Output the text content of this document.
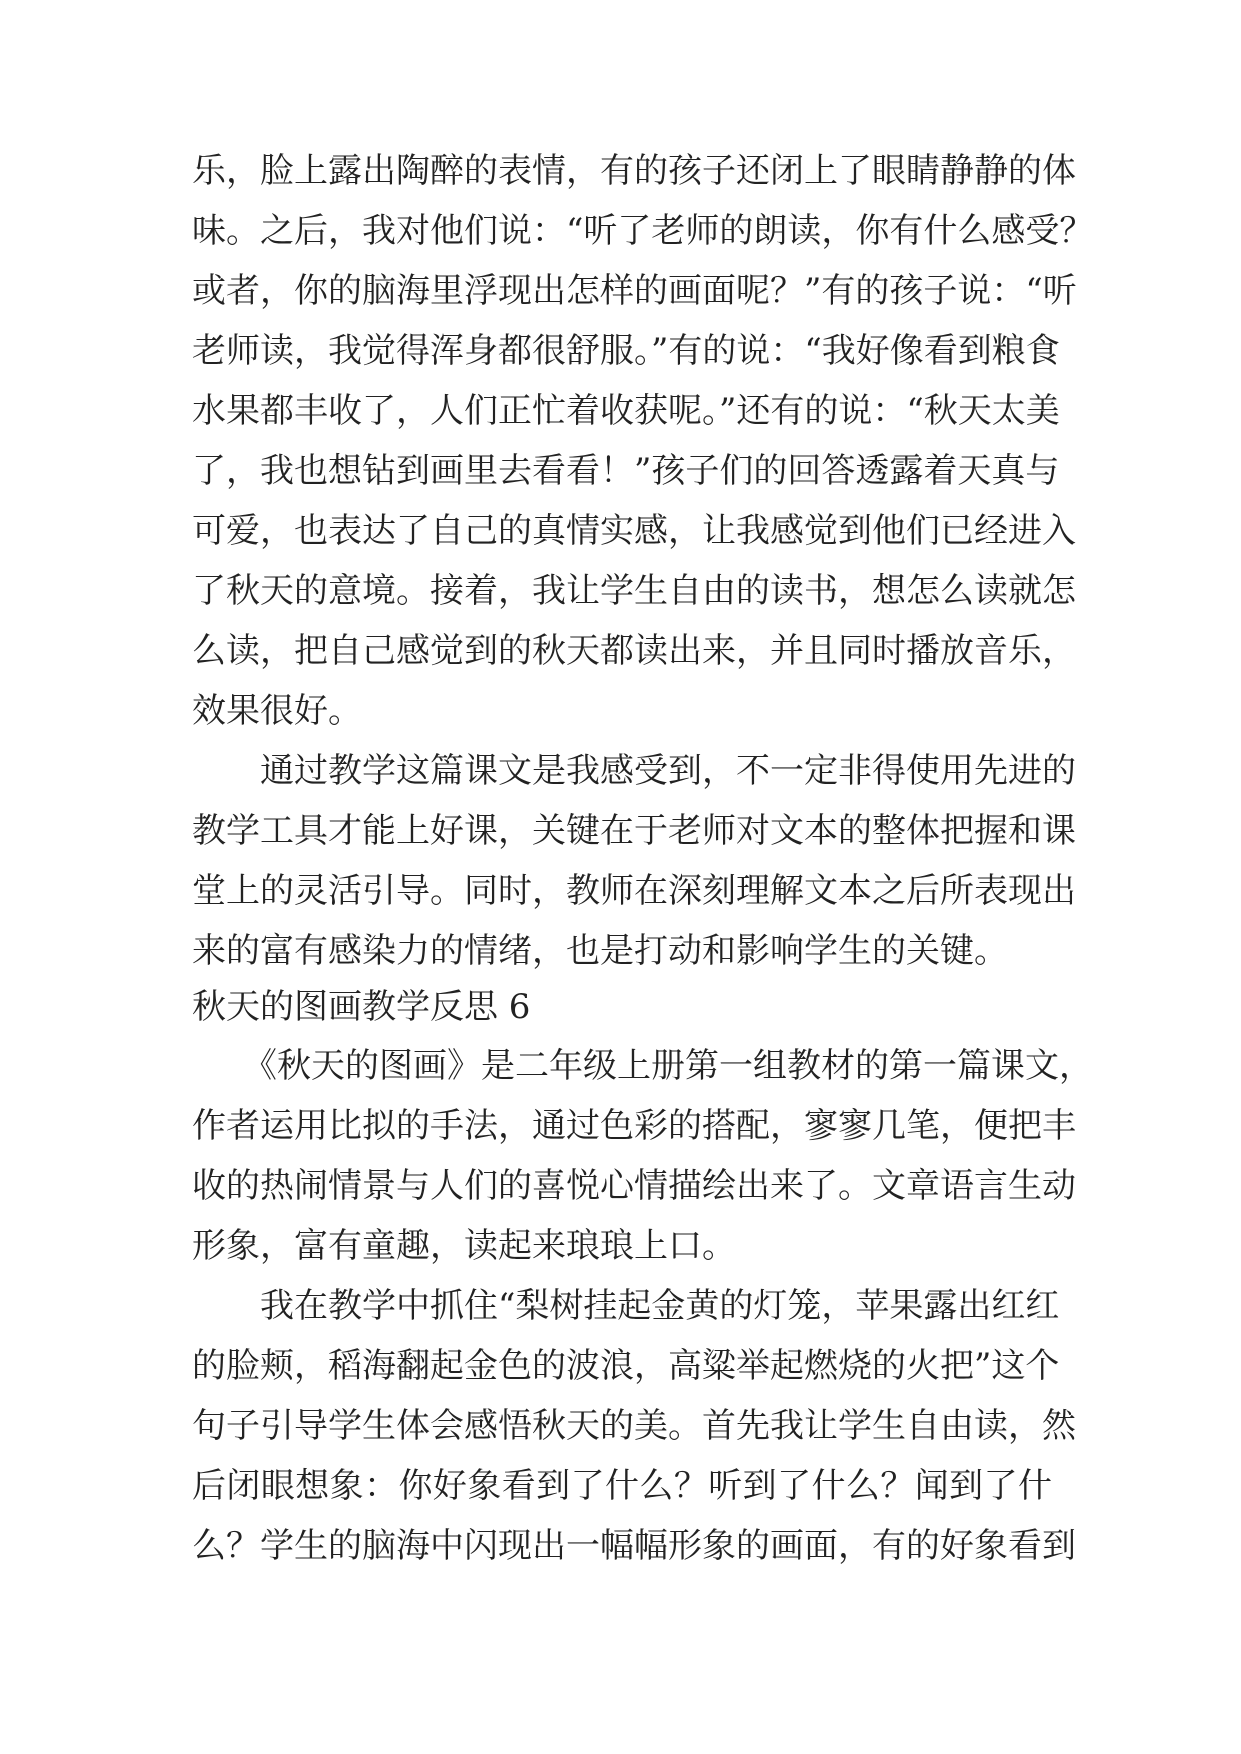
乐，脸上露出陶醉的表情，有的孩子还闭上了眼睛静静的体
味。之后，我对他们说：“听了老师的朗读，你有什么感受？
或者，你的脑海里浮现出怎样的画面呢？”有的孩子说：“听
老师读，我觉得浑身都很舒服。”有的说：“我好像看到粮食
水果都丰收了，人们正忙着收获呢。”还有的说：“秋天太美
了，我也想钻到画里去看看！”孩子们的回答透露着天真与
可爱，也表达了自己的真情实感，让我感觉到他们已经进入
了秋天的意境。接着，我让学生自由的读书，想怎么读就怎
么读，把自己感觉到的秋天都读出来，并且同时播放音乐，
效果很好。
　　通过教学这篇课文是我感受到，不一定非得使用先进的
教学工具才能上好课，关键在于老师对文本的整体把握和课
堂上的灵活引导。同时，教师在深刻理解文本之后所表现出
来的富有感染力的情绪，也是打动和影响学生的关键。
秋天的图画教学反思 6
　　《秋天的图画》是二年级上册第一组教材的第一篇课文，
作者运用比拟的手法，通过色彩的搭配，寥寥几笔，便把丰
收的热闹情景与人们的喜悦心情描绘出来了。文章语言生动
形象，富有童趣，读起来琅琅上口。
　　我在教学中抓住“梨树挂起金黄的灯笼，苹果露出红红
的脸颊，稻海翻起金色的波浪，高粱举起燃烧的火把”这个
句子引导学生体会感悟秋天的美。首先我让学生自由读，然
后闭眼想象：你好象看到了什么？听到了什么？闻到了什
么？学生的脑海中闪现出一幅幅形象的画面，有的好象看到
